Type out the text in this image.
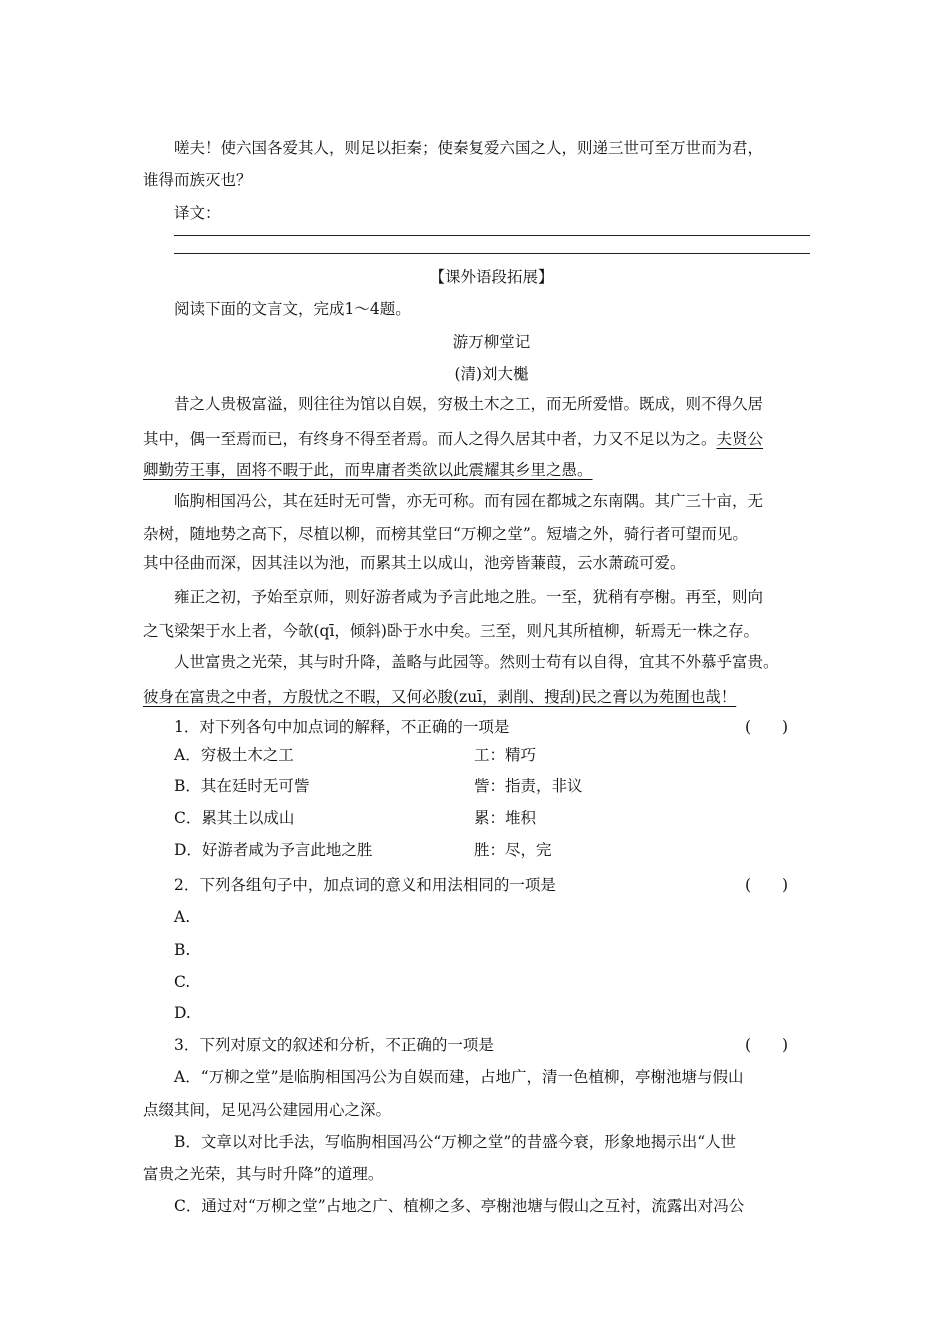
嗟夫！使六国各爱其人，则足以拒秦；使秦复爱六国之人，则递三世可至万世而为君，
谁得而族灭也？
译文：
【课外语段拓展】
阅读下面的文言文，完成1～4题。
游万柳堂记
(清)刘大櫆
昔之人贵极富溢，则往往为馆以自娱，穷极土木之工，而无所爱惜。既成，则不得久居
其中，偶一至焉而已，有终身不得至者焉。而人之得久居其中者，力又不足以为之。夫贤公
卿勤劳王事，固将不暇于此，而卑庸者类欲以此震耀其乡里之愚。
临朐相国冯公，其在廷时无可訾，亦无可称。而有园在都城之东南隅。其广三十亩，无
杂树，随地势之高下，尽植以柳，而榜其堂曰“万柳之堂”。短墙之外，骑行者可望而见。
其中径曲而深，因其洼以为池，而累其土以成山，池旁皆蒹葭，云水萧疏可爱。
雍正之初，予始至京师，则好游者咸为予言此地之胜。一至，犹稍有亭榭。再至，则向
之飞梁架于水上者，今欹(qī，倾斜)卧于水中矣。三至，则凡其所植柳，斩焉无一株之存。
人世富贵之光荣，其与时升降，盖略与此园等。然则士苟有以自得，宜其不外慕乎富贵。
彼身在富贵之中者，方殷忧之不暇，又何必朘(zuī，剥削、搜刮)民之膏以为苑囿也哉！
1．对下列各句中加点词的解释，不正确的一项是	(　　)
A．穷极土木之工	工：精巧
B．其在廷时无可訾	訾：指责，非议
C．累其土以成山	累：堆积
D．好游者咸为予言此地之胜	胜：尽，完
2．下列各组句子中，加点词的意义和用法相同的一项是	(　　)
A.
B.
C.
D.
3．下列对原文的叙述和分析，不正确的一项是	(　　)
A．“万柳之堂”是临朐相国冯公为自娱而建，占地广，清一色植柳，亭榭池塘与假山
点缀其间，足见冯公建园用心之深。
B．文章以对比手法，写临朐相国冯公“万柳之堂”的昔盛今衰，形象地揭示出“人世
富贵之光荣，其与时升降”的道理。
C．通过对“万柳之堂”占地之广、植柳之多、亭榭池塘与假山之互衬，流露出对冯公
